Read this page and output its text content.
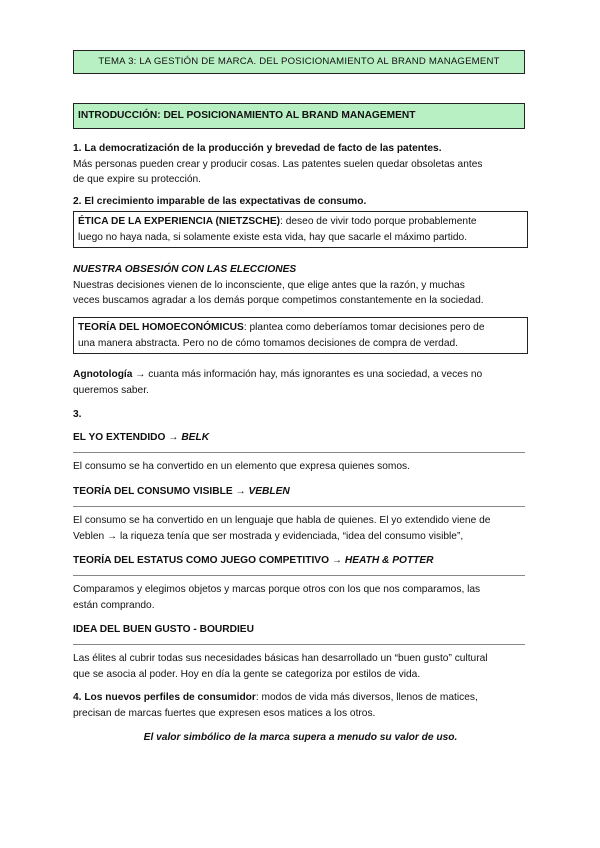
TEMA 3: LA GESTIÓN DE MARCA. DEL POSICIONAMIENTO AL BRAND MANAGEMENT
INTRODUCCIÓN: DEL POSICIONAMIENTO AL BRAND MANAGEMENT
1. La democratización de la producción y brevedad de facto de las patentes.
Más personas pueden crear y producir cosas. Las patentes suelen quedar obsoletas antes
de que expire su protección.
2. El crecimiento imparable de las expectativas de consumo.
ÉTICA DE LA EXPERIENCIA (NIETZSCHE): deseo de vivir todo porque probablemente
luego no haya nada, si solamente existe esta vida, hay que sacarle el máximo partido.
NUESTRA OBSESIÓN CON LAS ELECCIONES
Nuestras decisiones vienen de lo inconsciente, que elige antes que la razón, y muchas
veces buscamos agradar a los demás porque competimos constantemente en la sociedad.
TEORÍA DEL HOMOECONÓMICUS: plantea como deberíamos tomar decisiones pero de
una manera abstracta. Pero no de cómo tomamos decisiones de compra de verdad.
Agnotología → cuanta más información hay, más ignorantes es una sociedad, a veces no
queremos saber.
3.
EL YO EXTENDIDO → BELK
El consumo se ha convertido en un elemento que expresa quienes somos.
TEORÍA DEL CONSUMO VISIBLE → VEBLEN
El consumo se ha convertido en un lenguaje que habla de quienes. El yo extendido viene de
Veblen → la riqueza tenía que ser mostrada y evidenciada, “idea del consumo visible”,
TEORÍA DEL ESTATUS COMO JUEGO COMPETITIVO → HEATH & POTTER
Comparamos y elegimos objetos y marcas porque otros con los que nos comparamos, las
están comprando.
IDEA DEL BUEN GUSTO - BOURDIEU
Las élites al cubrir todas sus necesidades básicas han desarrollado un “buen gusto” cultural
que se asocia al poder. Hoy en día la gente se categoriza por estilos de vida.
4. Los nuevos perfiles de consumidor: modos de vida más diversos, llenos de matices,
precisan de marcas fuertes que expresen esos matices a los otros.
El valor simbólico de la marca supera a menudo su valor de uso.
